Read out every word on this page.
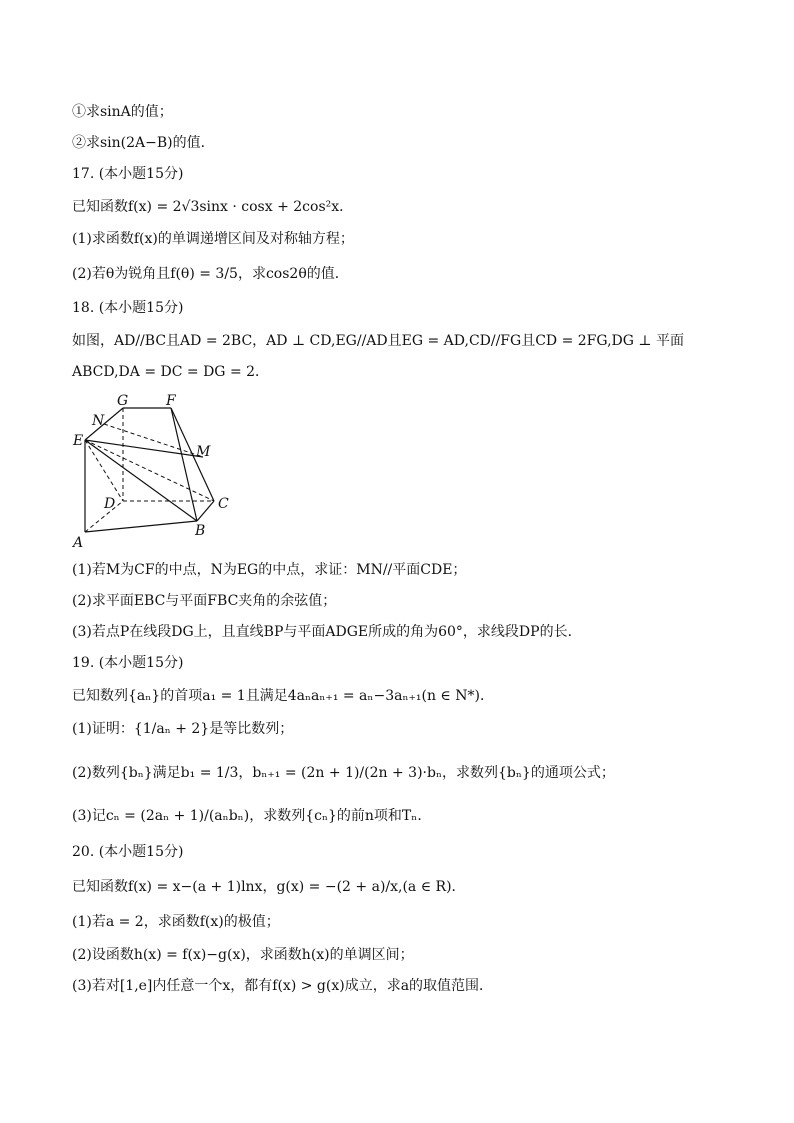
①求sinA的值；
②求sin(2A−B)的值．
17. (本小题15分)
已知函数f(x) = 2√3sinx · cosx + 2cos²x．
(1)求函数f(x)的单调递增区间及对称轴方程；
(2)若θ为锐角且f(θ) = 3/5，求cos2θ的值．
18. (本小题15分)
如图，AD//BC且AD = 2BC，AD ⊥ CD,EG//AD且EG = AD,CD//FG且CD = 2FG,DG ⊥ 平面
ABCD,DA = DC = DG = 2．
(1)若M为CF的中点，N为EG的中点，求证：MN//平面CDE；
(2)求平面EBC与平面FBC夹角的余弦值；
(3)若点P在线段DG上，且直线BP与平面ADGE所成的角为60°，求线段DP的长．
19. (本小题15分)
已知数列{aₙ}的首项a₁ = 1且满足4aₙaₙ₊₁ = aₙ−3aₙ₊₁(n ∈ N*)．
(1)证明：{1/aₙ + 2}是等比数列；
(2)数列{bₙ}满足b₁ = 1/3，bₙ₊₁ = (2n + 1)/(2n + 3)·bₙ，求数列{bₙ}的通项公式；
(3)记cₙ = (2aₙ + 1)/(aₙbₙ)，求数列{cₙ}的前n项和Tₙ．
20. (本小题15分)
已知函数f(x) = x−(a + 1)lnx，g(x) = −(2 + a)/x,(a ∈ R)．
(1)若a = 2，求函数f(x)的极值；
(2)设函数h(x) = f(x)−g(x)，求函数h(x)的单调区间；
(3)若对[1,e]内任意一个x，都有f(x) > g(x)成立，求a的取值范围．
G	F
N
E
M
D	C
B
A
